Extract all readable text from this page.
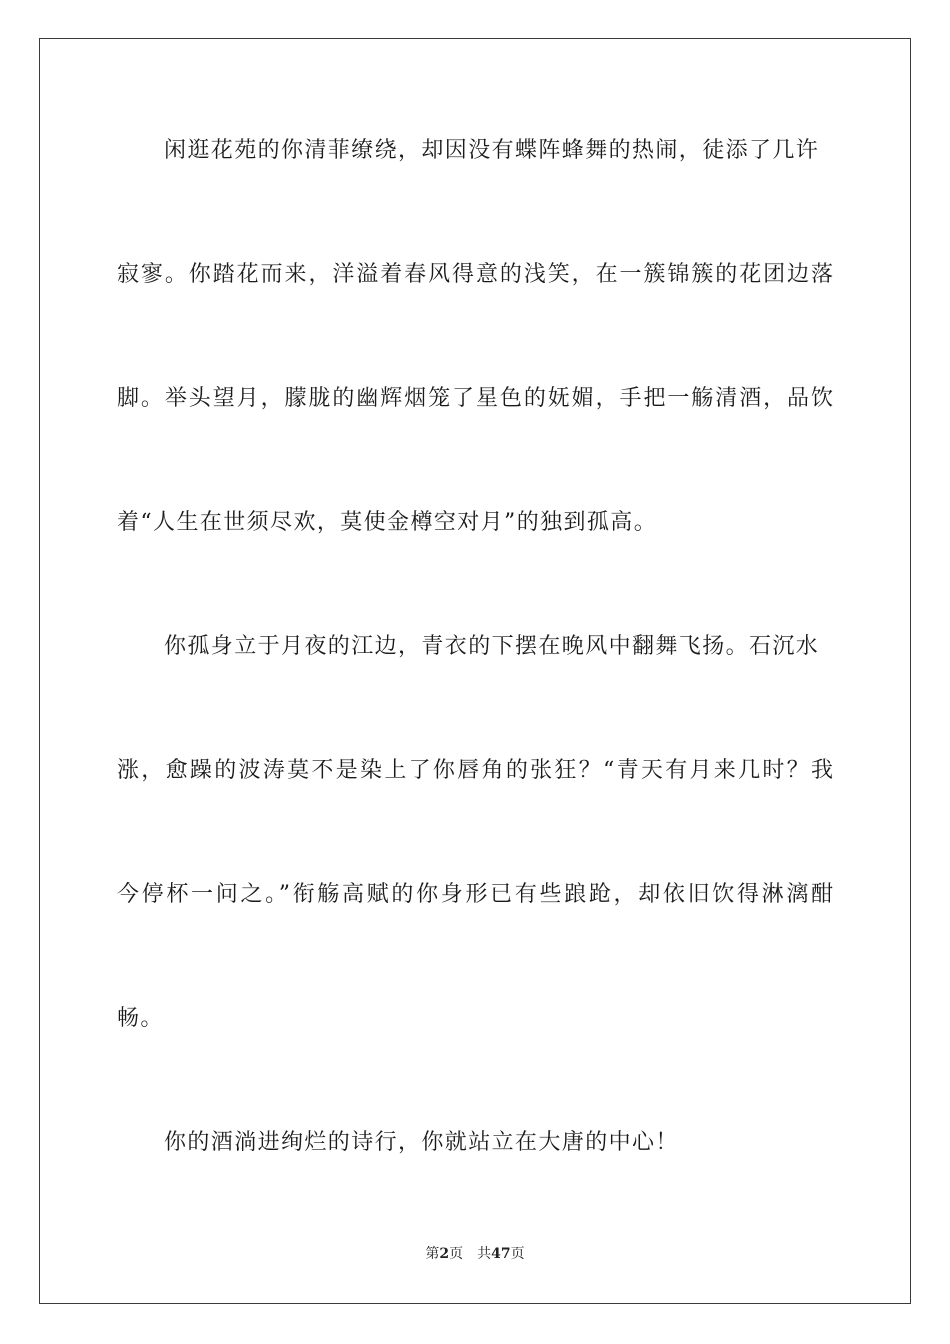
闲逛花苑的你清菲缭绕，却因没有蝶阵蜂舞的热闹，徒添了几许
寂寥。你踏花而来，洋溢着春风得意的浅笑，在一簇锦簇的花团边落
脚。举头望月，朦胧的幽辉烟笼了星色的妩媚，手把一觞清酒，品饮
着“人生在世须尽欢，莫使金樽空对月”的独到孤高。
你孤身立于月夜的江边，青衣的下摆在晚风中翻舞飞扬。石沉水
涨，愈躁的波涛莫不是染上了你唇角的张狂？“青天有月来几时？我
今停杯一问之。”衔觞高赋的你身形已有些踉跄，却依旧饮得淋漓酣
畅。
你的酒淌进绚烂的诗行，你就站立在大唐的中心！
第2页 共47页
